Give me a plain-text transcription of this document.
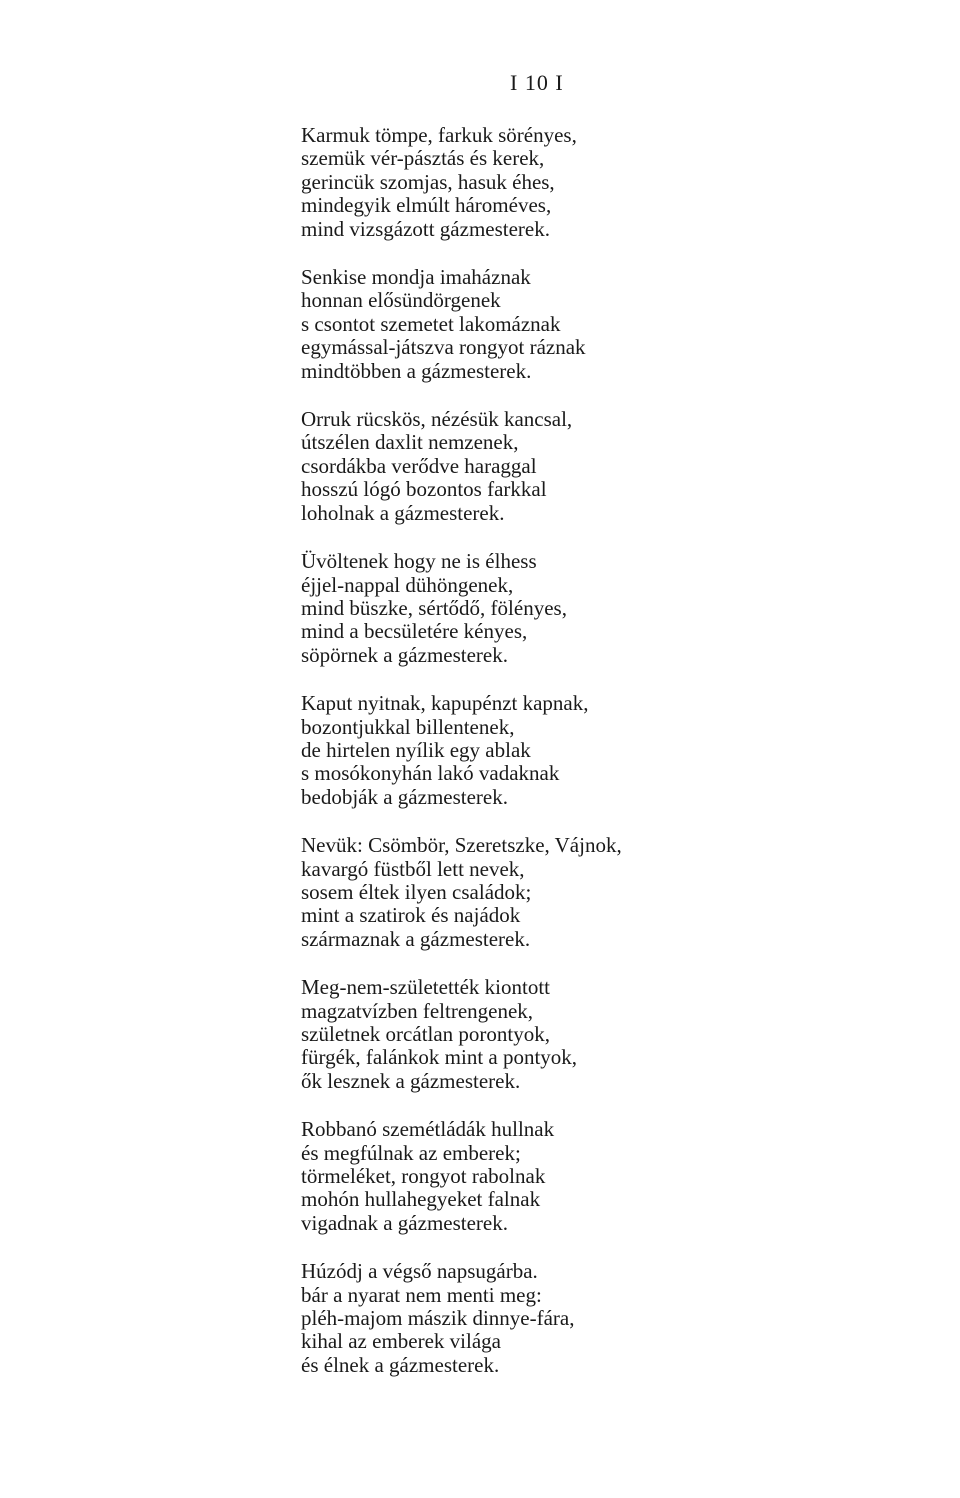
I 10 I
Karmuk tömpe, farkuk sörényes,
szemük vér-pásztás és kerek,
gerincük szomjas, hasuk éhes,
mindegyik elmúlt hároméves,
mind vizsgázott gázmesterek.
Senkise mondja imaháznak
honnan elősündörgenek
s csontot szemetet lakomáznak
egymással-játszva rongyot ráznak
mindtöbben a gázmesterek.
Orruk rücskös, nézésük kancsal,
útszélen daxlit nemzenek,
csordákba verődve haraggal
hosszú lógó bozontos farkkal
loholnak a gázmesterek.
Üvöltenek hogy ne is élhess
éjjel-nappal dühöngenek,
mind büszke, sértődő, fölényes,
mind a becsületére kényes,
söpörnek a gázmesterek.
Kaput nyitnak, kapupénzt kapnak,
bozontjukkal billentenek,
de hirtelen nyílik egy ablak
s mosókonyhán lakó vadaknak
bedobják a gázmesterek.
Nevük: Csömbör, Szeretszke, Vájnok,
kavargó füstből lett nevek,
sosem éltek ilyen családok;
mint a szatirok és najádok
származnak a gázmesterek.
Meg-nem-születették kiontott
magzatvízben feltrengenek,
születnek orcátlan porontyok,
fürgék, falánkok mint a pontyok,
ők lesznek a gázmesterek.
Robbanó szemétládák hullnak
és megfúlnak az emberek;
törmeléket, rongyot rabolnak
mohón hullahegyeket falnak
vigadnak a gázmesterek.
Húzódj a végső napsugárba.
bár a nyarat nem menti meg:
pléh-majom mászik dinnye-fára,
kihal az emberek világa
és élnek a gázmesterek.
